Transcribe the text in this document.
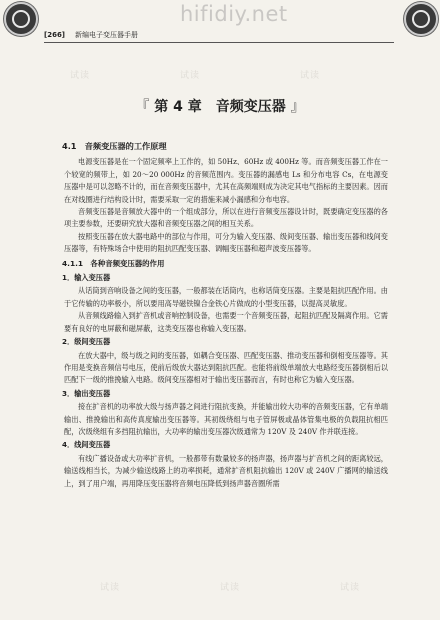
hifidiy.net
[266] 新编电子变压器手册
试读	试读	试读
试读	试读	试读
『 第 4 章　音频变压器 』
4.1　音频变压器的工作原理

电源变压器是在一个固定频率上工作的，如 50Hz、60Hz 或 400Hz 等。而音频变压器工作在一个较宽的频带上，如 20～20 000Hz 的音频范围内。变压器的漏感电 Ls 和分布电容 Cs，在电源变压器中是可以忽略不计的，而在音频变压器中，尤其在高频端则成为决定其电气指标的主要因素。因而在对线圈进行结构设计时，需要采取一定的措施来减小漏感和分布电容。

音频变压器是音频放大器中的一个组成部分，所以在进行音频变压器设计时，既要确定变压器的各项主要参数，还要研究放大器和音频变压器之间的相互关系。

按照变压器在放大器电路中的部位与作用，可分为输入变压器、级间变压器、输出变压器和线间变压器等，有特殊场合中使用的阻抗匹配变压器、调幅变压器和超声波变压器等。

4.1.1　各种音频变压器的作用
1．输入变压器

从话筒到音响设备之间的变压器，一般都装在话筒内，也称话筒变压器。主要是阻抗匹配作用。由于它传输的功率极小，所以要用高导磁铁镍合金铁心片做成的小型变压器，以提高灵敏度。

从音频线路输入到扩音机或音响控制设备，也需要一个音频变压器，起阻抗匹配及隔离作用。它需要有良好的电屏蔽和磁屏蔽，这类变压器也称输入变压器。

2．级间变压器

在放大器中，级与级之间的变压器，如耦合变压器、匹配变压器、推动变压器和倒相变压器等。其作用是变换音频信号电压，使前后级放大器达到阻抗匹配。也能将前级单端放大电路经变压器倒相后以匹配下一级的推挽输入电路。级间变压器相对于输出变压器而言，有时也称它为输入变压器。

3．输出变压器

接在扩音机的功率放大级与扬声器之间进行阻抗变换，并能输出较大功率的音频变压器，它有单端输出、推挽输出和高传真度输出变压器等。其初级绕组与电子管屏极或晶体管集电极的负载阻抗相匹配，次级绕组有多挡阻抗输出，大功率的输出变压器次级通常为 120V 及 240V 作并联连接。

4．线间变压器

有线广播设备或大功率扩音机，一般都带有数量较多的扬声器，扬声器与扩音机之间的距离较远，输送线相当长，为减少输送线路上的功率损耗，通常扩音机阻抗输出 120V 或 240V 广播网的输送线上，到了用户端，再用降压变压器将音频电压降低到扬声器音圈所需
